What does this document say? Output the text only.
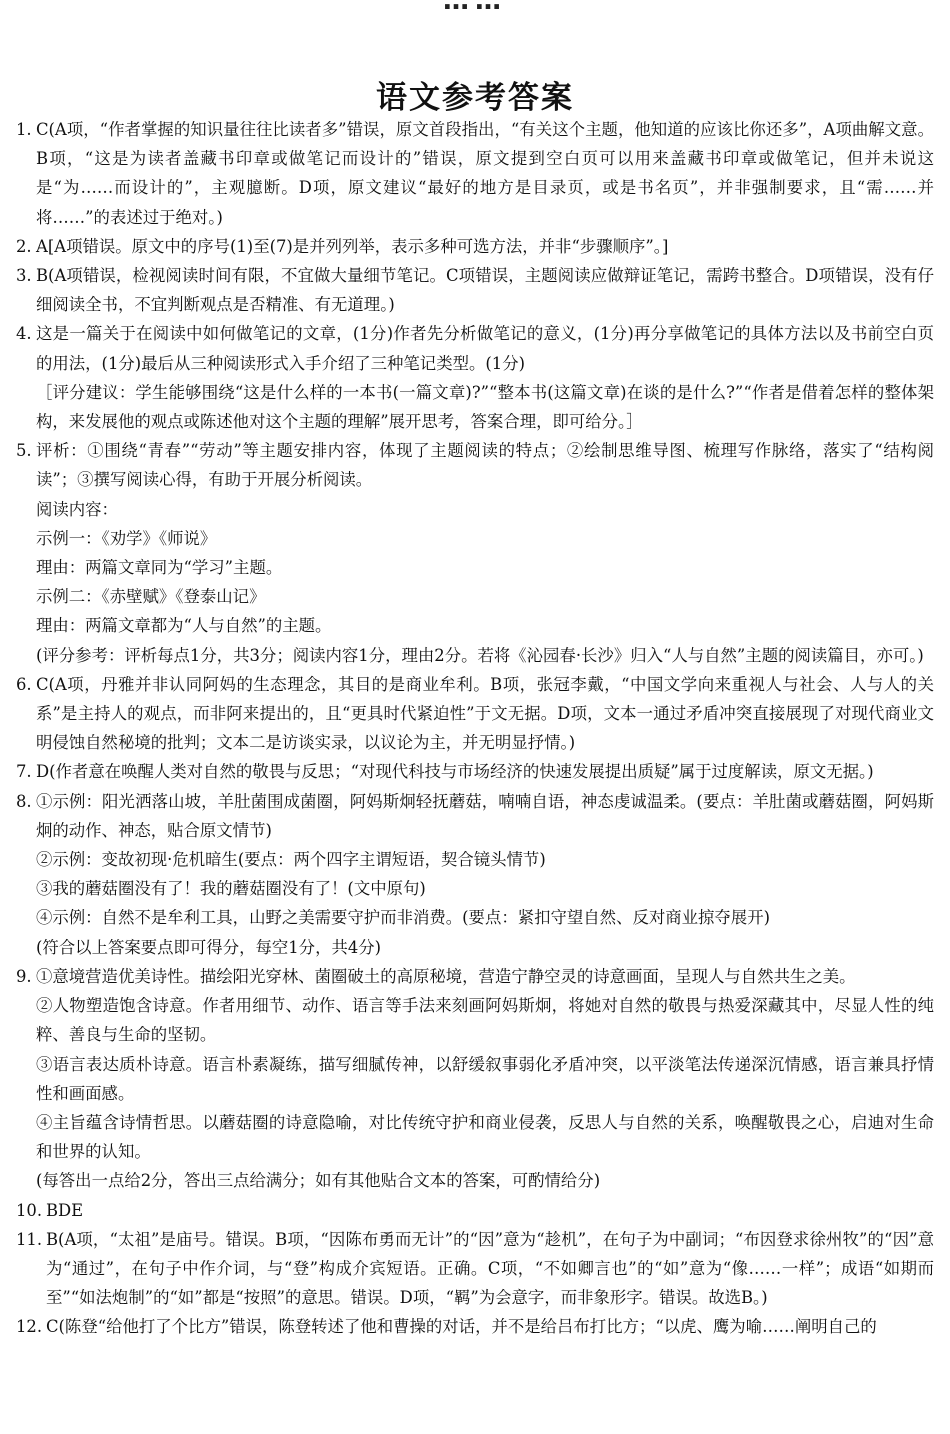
语文参考答案
1. C(A项，“作者掌握的知识量往往比读者多”错误，原文首段指出，“有关这个主题，他知道的应该比你还多”，A项曲解文意。B项，“这是为读者盖藏书印章或做笔记而设计的”错误，原文提到空白页可以用来盖藏书印章或做笔记，但并未说这是“为……而设计的”，主观臆断。D项，原文建议“最好的地方是目录页，或是书名页”，并非强制要求，且“需……并将……”的表述过于绝对。)

2. A[A项错误。原文中的序号(1)至(7)是并列列举，表示多种可选方法，并非“步骤顺序”。]

3. B(A项错误，检视阅读时间有限，不宜做大量细节笔记。C项错误，主题阅读应做辩证笔记，需跨书整合。D项错误，没有仔细阅读全书，不宜判断观点是否精准、有无道理。)

4. 这是一篇关于在阅读中如何做笔记的文章，(1分)作者先分析做笔记的意义，(1分)再分享做笔记的具体方法以及书前空白页的用法，(1分)最后从三种阅读形式入手介绍了三种笔记类型。(1分)

［评分建议：学生能够围绕“这是什么样的一本书(一篇文章)?”“整本书(这篇文章)在谈的是什么?”“作者是借着怎样的整体架构，来发展他的观点或陈述他对这个主题的理解”展开思考，答案合理，即可给分。］

5. 评析：①围绕“青春”“劳动”等主题安排内容，体现了主题阅读的特点；②绘制思维导图、梳理写作脉络，落实了“结构阅读”；③撰写阅读心得，有助于开展分析阅读。

阅读内容：

示例一：《劝学》《师说》

理由：两篇文章同为“学习”主题。

示例二：《赤壁赋》《登泰山记》

理由：两篇文章都为“人与自然”的主题。

(评分参考：评析每点1分，共3分；阅读内容1分，理由2分。若将《沁园春·长沙》归入“人与自然”主题的阅读篇目，亦可。)

6. C(A项，丹雅并非认同阿妈的生态理念，其目的是商业牟利。B项，张冠李戴，“中国文学向来重视人与社会、人与人的关系”是主持人的观点，而非阿来提出的，且“更具时代紧迫性”于文无据。D项，文本一通过矛盾冲突直接展现了对现代商业文明侵蚀自然秘境的批判；文本二是访谈实录，以议论为主，并无明显抒情。)

7. D(作者意在唤醒人类对自然的敬畏与反思；“对现代科技与市场经济的快速发展提出质疑”属于过度解读，原文无据。)

8. ①示例：阳光洒落山坡，羊肚菌围成菌圈，阿妈斯炯轻抚蘑菇，喃喃自语，神态虔诚温柔。(要点：羊肚菌或蘑菇圈，阿妈斯炯的动作、神态，贴合原文情节)

②示例：变故初现·危机暗生(要点：两个四字主谓短语，契合镜头情节)

③我的蘑菇圈没有了！我的蘑菇圈没有了！(文中原句)

④示例：自然不是牟利工具，山野之美需要守护而非消费。(要点：紧扣守望自然、反对商业掠夺展开)

(符合以上答案要点即可得分，每空1分，共4分)

9. ①意境营造优美诗性。描绘阳光穿林、菌圈破土的高原秘境，营造宁静空灵的诗意画面，呈现人与自然共生之美。

②人物塑造饱含诗意。作者用细节、动作、语言等手法来刻画阿妈斯炯，将她对自然的敬畏与热爱深藏其中，尽显人性的纯粹、善良与生命的坚韧。

③语言表达质朴诗意。语言朴素凝练，描写细腻传神，以舒缓叙事弱化矛盾冲突，以平淡笔法传递深沉情感，语言兼具抒情性和画面感。

④主旨蕴含诗情哲思。以蘑菇圈的诗意隐喻，对比传统守护和商业侵袭，反思人与自然的关系，唤醒敬畏之心，启迪对生命和世界的认知。

(每答出一点给2分，答出三点给满分；如有其他贴合文本的答案，可酌情给分)

10. BDE

11. B(A项，“太祖”是庙号。错误。B项，“因陈布勇而无计”的“因”意为“趁机”，在句子为中副词；“布因登求徐州牧”的“因”意为“通过”，在句子中作介词，与“登”构成介宾短语。正确。C项，“不如卿言也”的“如”意为“像……一样”；成语“如期而至”“如法炮制”的“如”都是“按照”的意思。错误。D项，“羁”为会意字，而非象形字。错误。故选B。)

12. C(陈登“给他打了个比方”错误，陈登转述了他和曹操的对话，并不是给吕布打比方；“以虎、鹰为喻……阐明自己的
